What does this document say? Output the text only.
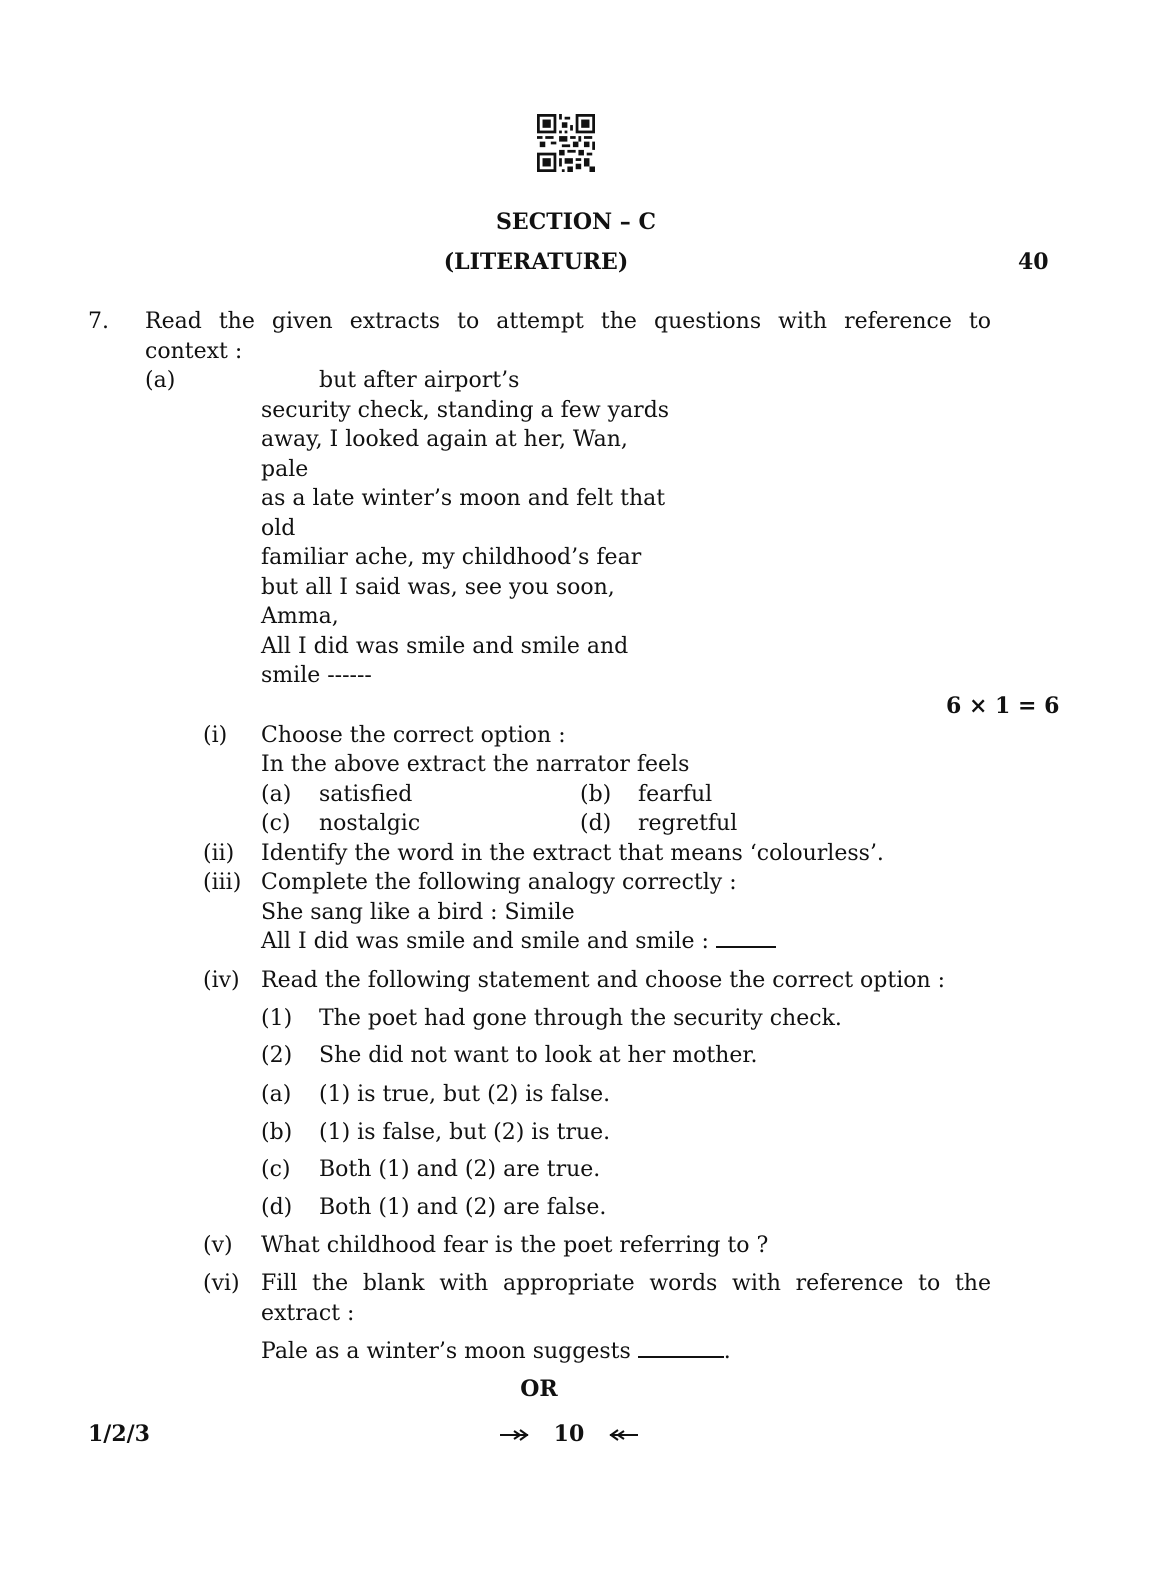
SECTION – C
(LITERATURE)	40
7. Read the given extracts to attempt the questions with reference to
context :
(a)	but after airport’s
security check, standing a few yards
away, I looked again at her, Wan,
pale
as a late winter’s moon and felt that
old
familiar ache, my childhood’s fear
but all I said was, see you soon,
Amma,
All I did was smile and smile and
smile ------
6 × 1 = 6
(i) Choose the correct option :
In the above extract the narrator feels
(a) satisfied	(b) fearful
(c) nostalgic	(d) regretful
(ii) Identify the word in the extract that means ‘colourless’.
(iii) Complete the following analogy correctly :
She sang like a bird : Simile
All I did was smile and smile and smile :
(iv) Read the following statement and choose the correct option :
(1) The poet had gone through the security check.
(2) She did not want to look at her mother.
(a) (1) is true, but (2) is false.
(b) (1) is false, but (2) is true.
(c) Both (1) and (2) are true.
(d) Both (1) and (2) are false.
(v) What childhood fear is the poet referring to ?
(vi) Fill the blank with appropriate words with reference to the
extract :
Pale as a winter’s moon suggests	.
OR
1/2/3	10
